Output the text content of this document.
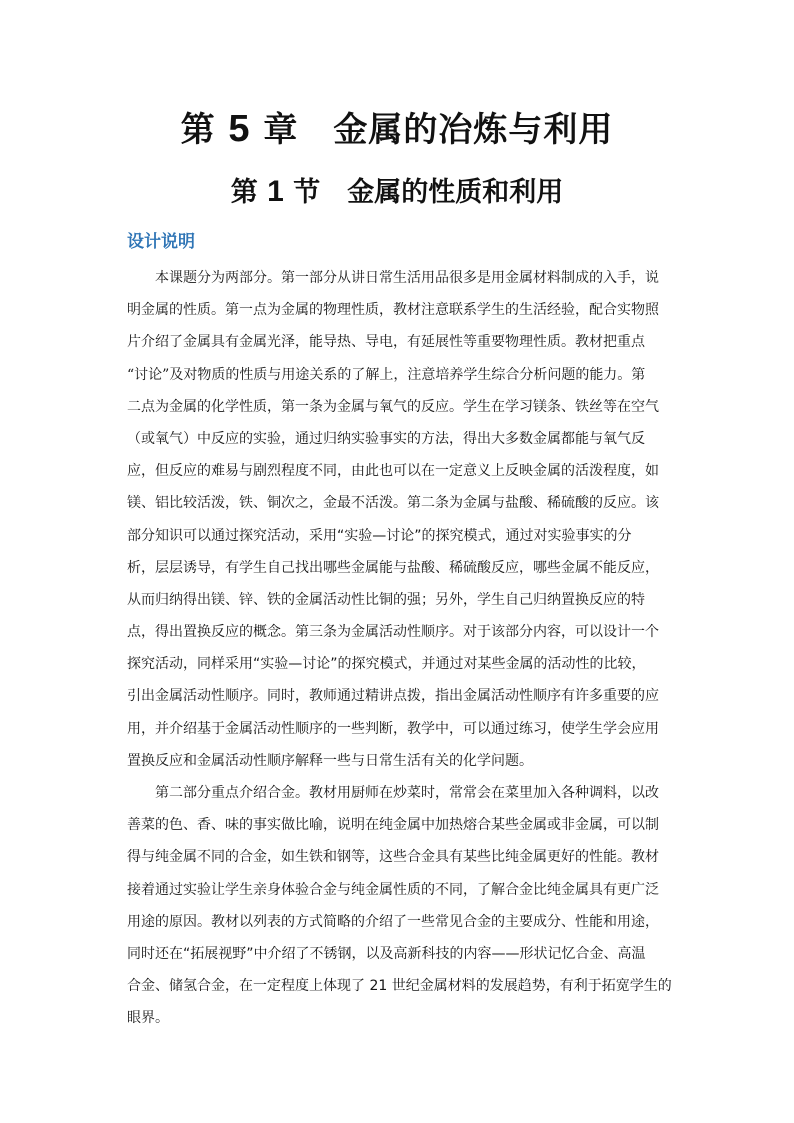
第 5 章　金属的冶炼与利用
第 1 节　金属的性质和利用
设计说明
本课题分为两部分。第一部分从讲日常生活用品很多是用金属材料制成的入手，说
明金属的性质。第一点为金属的物理性质，教材注意联系学生的生活经验，配合实物照
片介绍了金属具有金属光泽，能导热、导电，有延展性等重要物理性质。教材把重点
“讨论”及对物质的性质与用途关系的了解上，注意培养学生综合分析问题的能力。第
二点为金属的化学性质，第一条为金属与氧气的反应。学生在学习镁条、铁丝等在空气
（或氧气）中反应的实验，通过归纳实验事实的方法，得出大多数金属都能与氧气反
应，但反应的难易与剧烈程度不同，由此也可以在一定意义上反映金属的活泼程度，如
镁、铝比较活泼，铁、铜次之，金最不活泼。第二条为金属与盐酸、稀硫酸的反应。该
部分知识可以通过探究活动，采用“实验—讨论”的探究模式，通过对实验事实的分
析，层层诱导，有学生自己找出哪些金属能与盐酸、稀硫酸反应，哪些金属不能反应，
从而归纳得出镁、锌、铁的金属活动性比铜的强；另外，学生自己归纳置换反应的特
点，得出置换反应的概念。第三条为金属活动性顺序。对于该部分内容，可以设计一个
探究活动，同样采用“实验—讨论”的探究模式，并通过对某些金属的活动性的比较，
引出金属活动性顺序。同时，教师通过精讲点拨，指出金属活动性顺序有许多重要的应
用，并介绍基于金属活动性顺序的一些判断，教学中，可以通过练习，使学生学会应用
置换反应和金属活动性顺序解释一些与日常生活有关的化学问题。
第二部分重点介绍合金。教材用厨师在炒菜时，常常会在菜里加入各种调料，以改
善菜的色、香、味的事实做比喻，说明在纯金属中加热熔合某些金属或非金属，可以制
得与纯金属不同的合金，如生铁和钢等，这些合金具有某些比纯金属更好的性能。教材
接着通过实验让学生亲身体验合金与纯金属性质的不同，了解合金比纯金属具有更广泛
用途的原因。教材以列表的方式简略的介绍了一些常见合金的主要成分、性能和用途，
同时还在“拓展视野”中介绍了不锈钢，以及高新科技的内容——形状记忆合金、高温
合金、储氢合金，在一定程度上体现了 21 世纪金属材料的发展趋势，有利于拓宽学生的
眼界。
